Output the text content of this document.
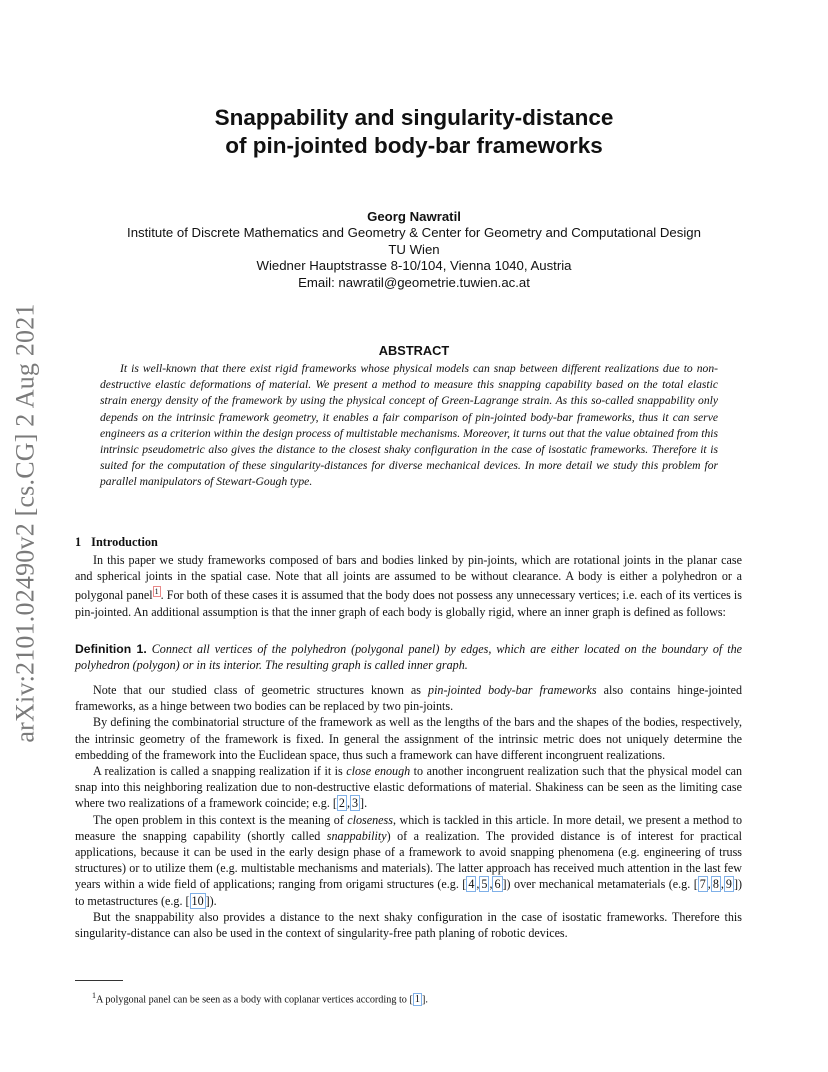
arXiv:2101.02490v2 [cs.CG] 2 Aug 2021
Snappability and singularity-distance
of pin-jointed body-bar frameworks
Georg Nawratil
Institute of Discrete Mathematics and Geometry & Center for Geometry and Computational Design
TU Wien
Wiedner Hauptstrasse 8-10/104, Vienna 1040, Austria
Email: nawratil@geometrie.tuwien.ac.at
ABSTRACT
It is well-known that there exist rigid frameworks whose physical models can snap between different realizations due to non-destructive elastic deformations of material. We present a method to measure this snapping capability based on the total elastic strain energy density of the framework by using the physical concept of Green-Lagrange strain. As this so-called snappability only depends on the intrinsic framework geometry, it enables a fair comparison of pin-jointed body-bar frameworks, thus it can serve engineers as a criterion within the design process of multistable mechanisms. Moreover, it turns out that the value obtained from this intrinsic pseudometric also gives the distance to the closest shaky configuration in the case of isostatic frameworks. Therefore it is suited for the computation of these singularity-distances for diverse mechanical devices. In more detail we study this problem for parallel manipulators of Stewart-Gough type.
1 Introduction

In this paper we study frameworks composed of bars and bodies linked by pin-joints, which are rotational joints in the planar case and spherical joints in the spatial case. Note that all joints are assumed to be without clearance. A body is either a polyhedron or a polygonal panel $^1$ . For both of these cases it is assumed that the body does not possess any unnecessary vertices; i.e. each of its vertices is pin-jointed. An additional assumption is that the inner graph of each body is globally rigid, where an inner graph is defined as follows:

Definition 1. Connect all vertices of the polyhedron (polygonal panel) by edges, which are either located on the boundary of the polyhedron (polygon) or in its interior. The resulting graph is called inner graph.

Note that our studied class of geometric structures known as pin-jointed body-bar frameworks also contains hinge-jointed frameworks, as a hinge between two bodies can be replaced by two pin-joints.

By defining the combinatorial structure of the framework as well as the lengths of the bars and the shapes of the bodies, respectively, the intrinsic geometry of the framework is fixed. In general the assignment of the intrinsic metric does not uniquely determine the embedding of the framework into the Euclidean space, thus such a framework can have different incongruent realizations.

A realization is called a snapping realization if it is close enough to another incongruent realization such that the physical model can snap into this neighboring realization due to non-destructive elastic deformations of material. Shakiness can be seen as the limiting case where two realizations of a framework coincide; e.g. [ 2 , 3 ].

The open problem in this context is the meaning of closeness, which is tackled in this article. In more detail, we present a method to measure the snapping capability (shortly called snappability) of a realization. The provided distance is of interest for practical applications, because it can be used in the early design phase of a framework to avoid snapping phenomena (e.g. engineering of truss structures) or to utilize them (e.g. multistable mechanisms and materials). The latter approach has received much attention in the last few years within a wide field of applications; ranging from origami structures (e.g. [ 4 , 5 , 6 ]) over mechanical metamaterials (e.g. [ 7 , 8 , 9 ]) to metastructures (e.g. [ 10 ]).

But the snappability also provides a distance to the next shaky configuration in the case of isostatic frameworks. Therefore this singularity-distance can also be used in the context of singularity-free path planing of robotic devices.

$^1$A polygonal panel can be seen as a body with coplanar vertices according to [ 1 ].
